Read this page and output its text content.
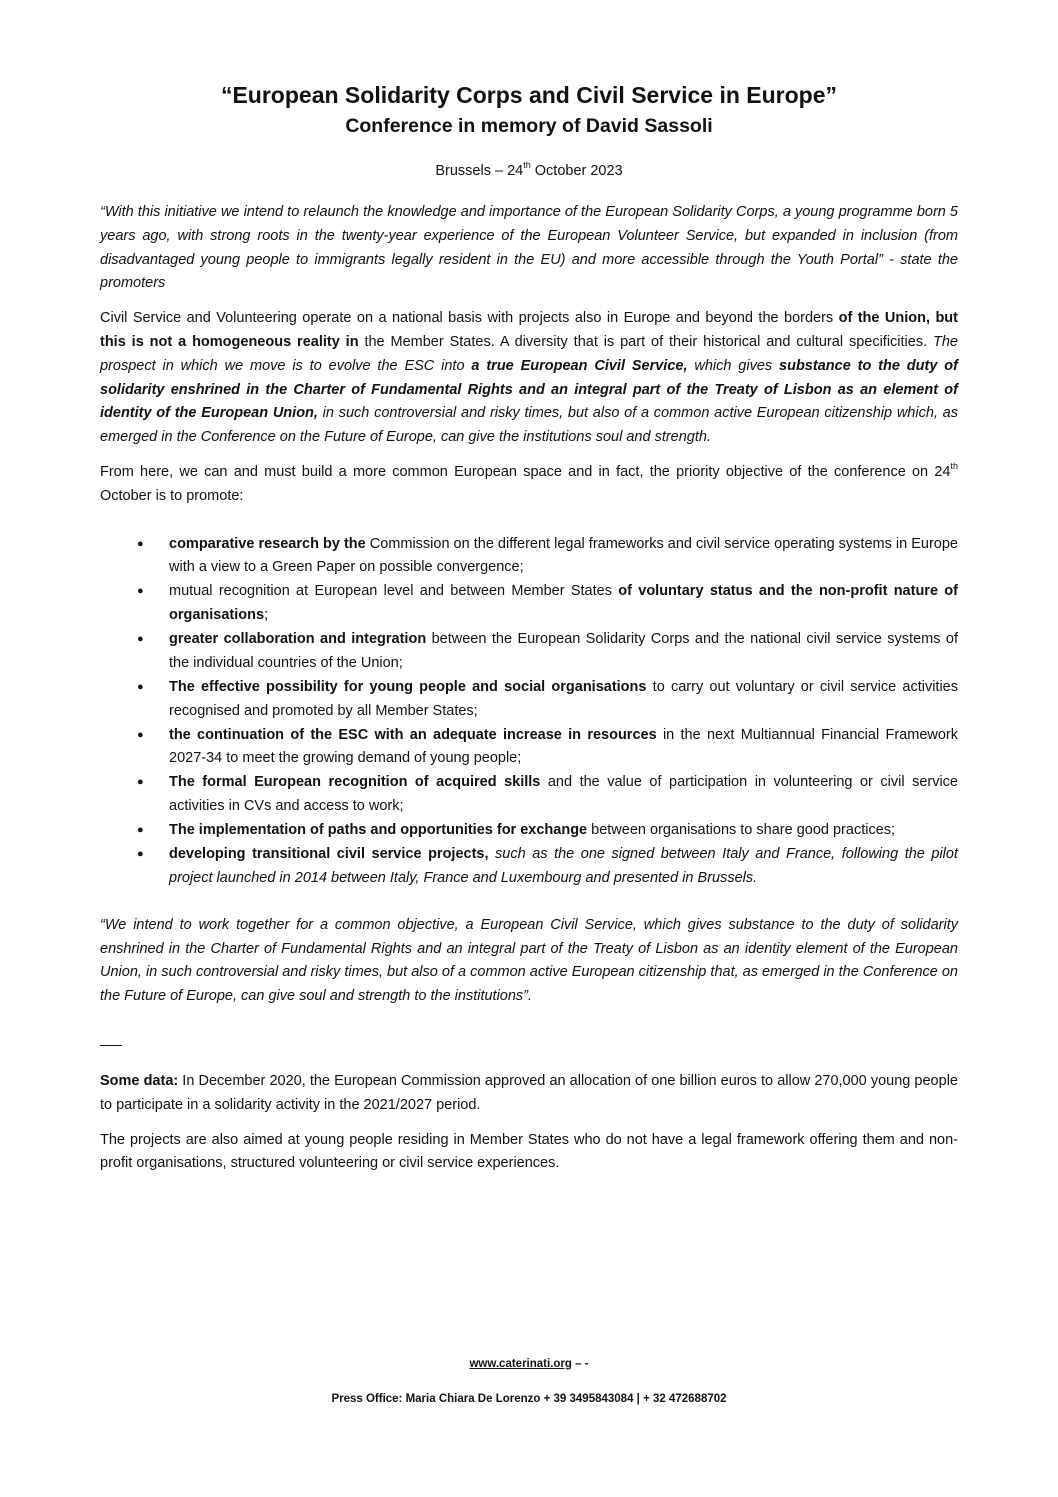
“European Solidarity Corps and Civil Service in Europe”
Conference in memory of David Sassoli
Brussels – 24th October 2023

“With this initiative we intend to relaunch the knowledge and importance of the European Solidarity Corps, a young programme born 5 years ago, with strong roots in the twenty-year experience of the European Volunteer Service, but expanded in inclusion (from disadvantaged young people to immigrants legally resident in the EU) and more accessible through the Youth Portal” - state the promoters

Civil Service and Volunteering operate on a national basis with projects also in Europe and beyond the borders of the Union, but this is not a homogeneous reality in the Member States. A diversity that is part of their historical and cultural specificities. The prospect in which we move is to evolve the ESC into a true European Civil Service, which gives substance to the duty of solidarity enshrined in the Charter of Fundamental Rights and an integral part of the Treaty of Lisbon as an element of identity of the European Union, in such controversial and risky times, but also of a common active European citizenship which, as emerged in the Conference on the Future of Europe, can give the institutions soul and strength.

From here, we can and must build a more common European space and in fact, the priority objective of the conference on 24th October is to promote:

● comparative research by the Commission on the different legal frameworks and civil service operating systems in Europe with a view to a Green Paper on possible convergence;
● mutual recognition at European level and between Member States of voluntary status and the non-profit nature of organisations;
● greater collaboration and integration between the European Solidarity Corps and the national civil service systems of the individual countries of the Union;
● The effective possibility for young people and social organisations to carry out voluntary or civil service activities recognised and promoted by all Member States;
● the continuation of the ESC with an adequate increase in resources in the next Multiannual Financial Framework 2027-34 to meet the growing demand of young people;
● The formal European recognition of acquired skills and the value of participation in volunteering or civil service activities in CVs and access to work;
● The implementation of paths and opportunities for exchange between organisations to share good practices;
● developing transitional civil service projects, such as the one signed between Italy and France, following the pilot project launched in 2014 between Italy, France and Luxembourg and presented in Brussels.

“We intend to work together for a common objective, a European Civil Service, which gives substance to the duty of solidarity enshrined in the Charter of Fundamental Rights and an integral part of the Treaty of Lisbon as an identity element of the European Union, in such controversial and risky times, but also of a common active European citizenship that, as emerged in the Conference on the Future of Europe, can give soul and strength to the institutions”.

Some data: In December 2020, the European Commission approved an allocation of one billion euros to allow 270,000 young people to participate in a solidarity activity in the 2021/2027 period.

The projects are also aimed at young people residing in Member States who do not have a legal framework offering them and non-profit organisations, structured volunteering or civil service experiences.

www.caterinati.org – -
Press Office: Maria Chiara De Lorenzo + 39 3495843084 | + 32 472688702
